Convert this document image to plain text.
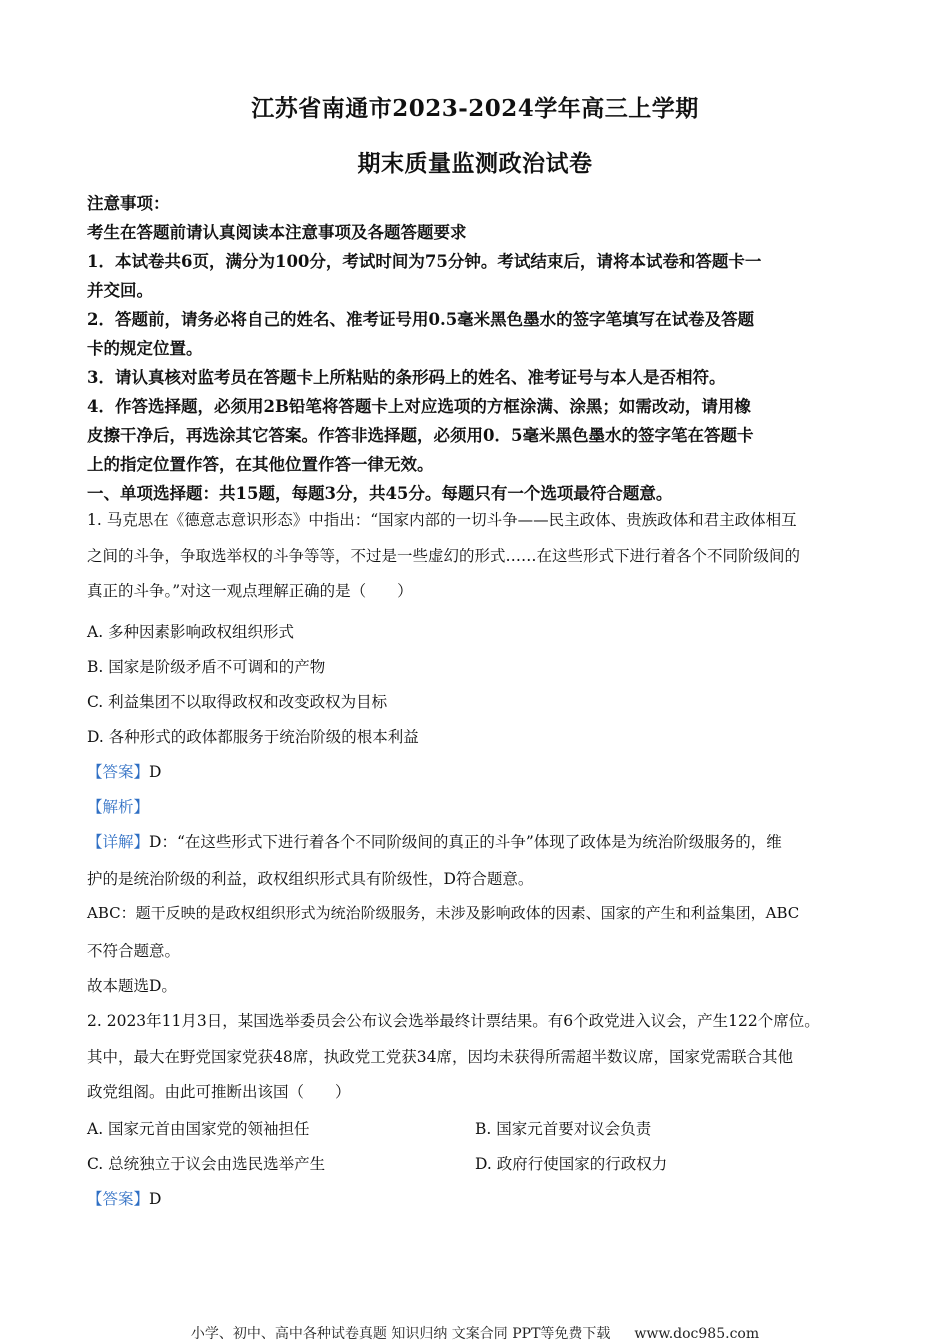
江苏省南通市2023-2024学年高三上学期
期末质量监测政治试卷

注意事项：

考生在答题前请认真阅读本注意事项及各题答题要求

1．本试卷共6页，满分为100分，考试时间为75分钟。考试结束后，请将本试卷和答题卡一

并交回。

2．答题前，请务必将自己的姓名、准考证号用0.5毫米黑色墨水的签字笔填写在试卷及答题

卡的规定位置。

3．请认真核对监考员在答题卡上所粘贴的条形码上的姓名、准考证号与本人是否相符。

4．作答选择题，必须用2B铅笔将答题卡上对应选项的方框涂满、涂黑；如需改动，请用橡

皮擦干净后，再选涂其它答案。作答非选择题，必须用0．5毫米黑色墨水的签字笔在答题卡

上的指定位置作答，在其他位置作答一律无效。

一、单项选择题：共15题，每题3分，共45分。每题只有一个选项最符合题意。

1. 马克思在《德意志意识形态》中指出：“国家内部的一切斗争——民主政体、贵族政体和君主政体相互

之间的斗争，争取选举权的斗争等等，不过是一些虚幻的形式……在这些形式下进行着各个不同阶级间的

真正的斗争。”对这一观点理解正确的是（　　）

A. 多种因素影响政权组织形式
B. 国家是阶级矛盾不可调和的产物
C. 利益集团不以取得政权和改变政权为目标
D. 各种形式的政体都服务于统治阶级的根本利益
【答案】D
【解析】
【详解】D：“在这些形式下进行着各个不同阶级间的真正的斗争”体现了政体是为统治阶级服务的，维
护的是统治阶级的利益，政权组织形式具有阶级性，D符合题意。
ABC：题干反映的是政权组织形式为统治阶级服务，未涉及影响政体的因素、国家的产生和利益集团，ABC
不符合题意。
故本题选D。

2. 2023年11月3日，某国选举委员会公布议会选举最终计票结果。有6个政党进入议会，产生122个席位。

其中，最大在野党国家党获48席，执政党工党获34席，因均未获得所需超半数议席，国家党需联合其他

政党组阁。由此可推断出该国（　　）

A. 国家元首由国家党的领袖担任	B. 国家元首要对议会负责
C. 总统独立于议会由选民选举产生	D. 政府行使国家的行政权力
【答案】D
小学、初中、高中各种试卷真题 知识归纳 文案合同 PPT等免费下载 www.doc985.com
